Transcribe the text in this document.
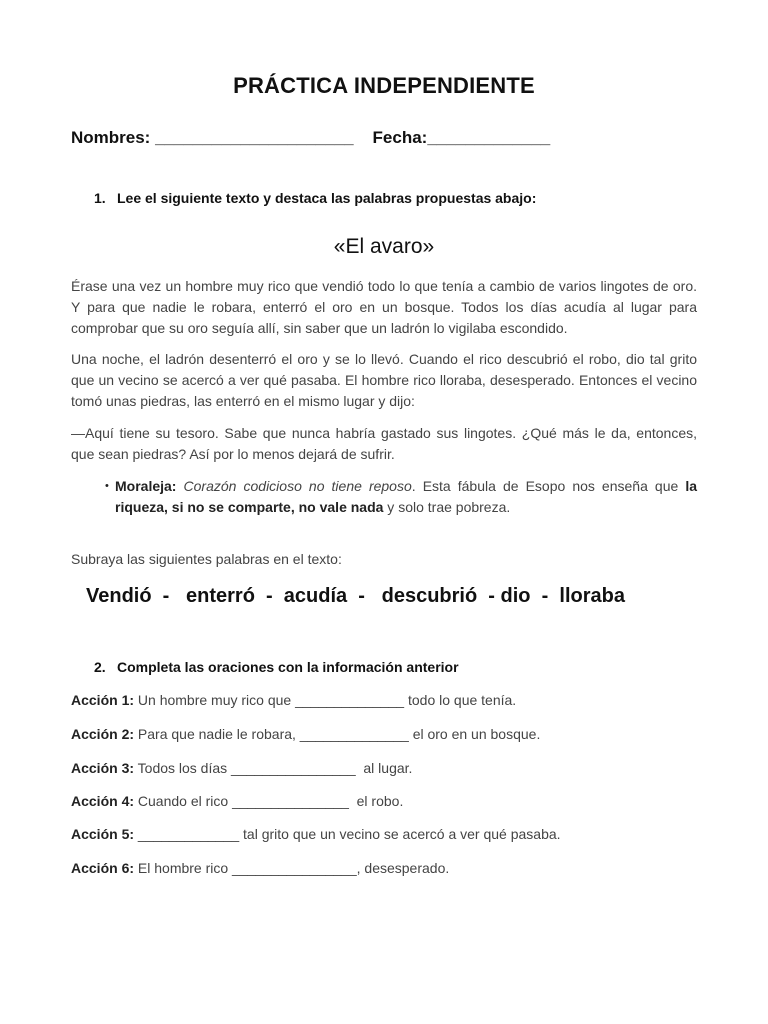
PRÁCTICA INDEPENDIENTE
Nombres: _____________________ Fecha:_____________
1. Lee el siguiente texto y destaca las palabras propuestas abajo:
«El avaro»
Érase una vez un hombre muy rico que vendió todo lo que tenía a cambio de varios lingotes de oro. Y para que nadie le robara, enterró el oro en un bosque. Todos los días acudía al lugar para comprobar que su oro seguía allí, sin saber que un ladrón lo vigilaba escondido.
Una noche, el ladrón desenterró el oro y se lo llevó. Cuando el rico descubrió el robo, dio tal grito que un vecino se acercó a ver qué pasaba. El hombre rico lloraba, desesperado. Entonces el vecino tomó unas piedras, las enterró en el mismo lugar y dijo:
—Aquí tiene su tesoro. Sabe que nunca habría gastado sus lingotes. ¿Qué más le da, entonces, que sean piedras? Así por lo menos dejará de sufrir.
• Moraleja: Corazón codicioso no tiene reposo. Esta fábula de Esopo nos enseña que la riqueza, si no se comparte, no vale nada y solo trae pobreza.
Subraya las siguientes palabras en el texto:
Vendió  -   enterró  -  acudía  -   descubrió  - dio  -  lloraba
2. Completa las oraciones con la información anterior
Acción 1: Un hombre muy rico que ______________ todo lo que tenía.
Acción 2: Para que nadie le robara, ______________ el oro en un bosque.
Acción 3: Todos los días ________________  al lugar.
Acción 4: Cuando el rico _______________  el robo.
Acción 5: _____________ tal grito que un vecino se acercó a ver qué pasaba.
Acción 6: El hombre rico ________________, desesperado.
